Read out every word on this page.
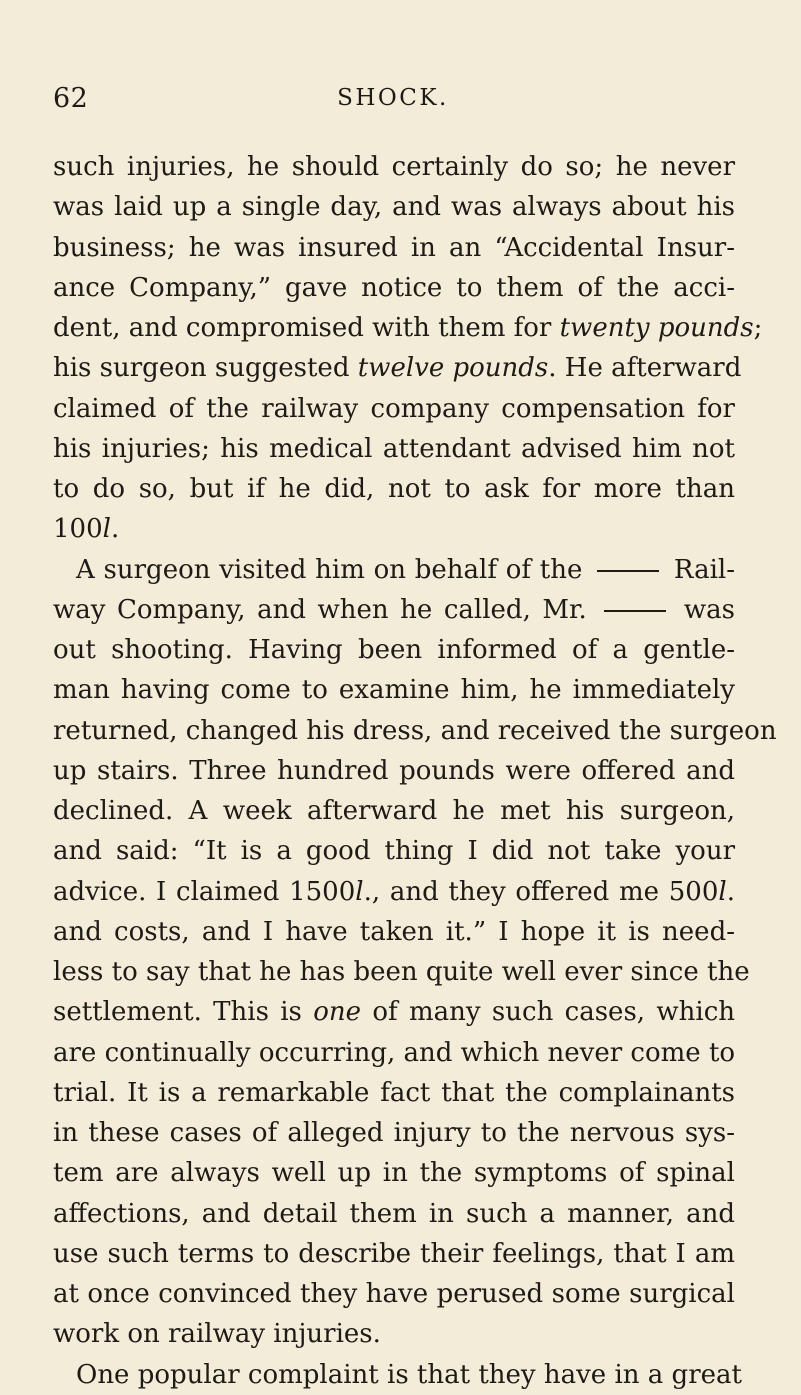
62	SHOCK.
such injuries, he should certainly do so; he never
was laid up a single day, and was always about his
business; he was insured in an “Accidental Insur-
ance Company,” gave notice to them of the acci-
dent, and compromised with them for twenty pounds;
his surgeon suggested twelve pounds. He afterward
claimed of the railway company compensation for
his injuries; his medical attendant advised him not
to do so, but if he did, not to ask for more than
100l.
A surgeon visited him on behalf of the	Rail-
way Company, and when he called, Mr.	was
out shooting. Having been informed of a gentle-
man having come to examine him, he immediately
returned, changed his dress, and received the surgeon
up stairs. Three hundred pounds were offered and
declined. A week afterward he met his surgeon,
and said: “It is a good thing I did not take your
advice. I claimed 1500l., and they offered me 500l.
and costs, and I have taken it.” I hope it is need-
less to say that he has been quite well ever since the
settlement. This is one of many such cases, which
are continually occurring, and which never come to
trial. It is a remarkable fact that the complainants
in these cases of alleged injury to the nervous sys-
tem are always well up in the symptoms of spinal
affections, and detail them in such a manner, and
use such terms to describe their feelings, that I am
at once convinced they have perused some surgical
work on railway injuries.
One popular complaint is that they have in a great
